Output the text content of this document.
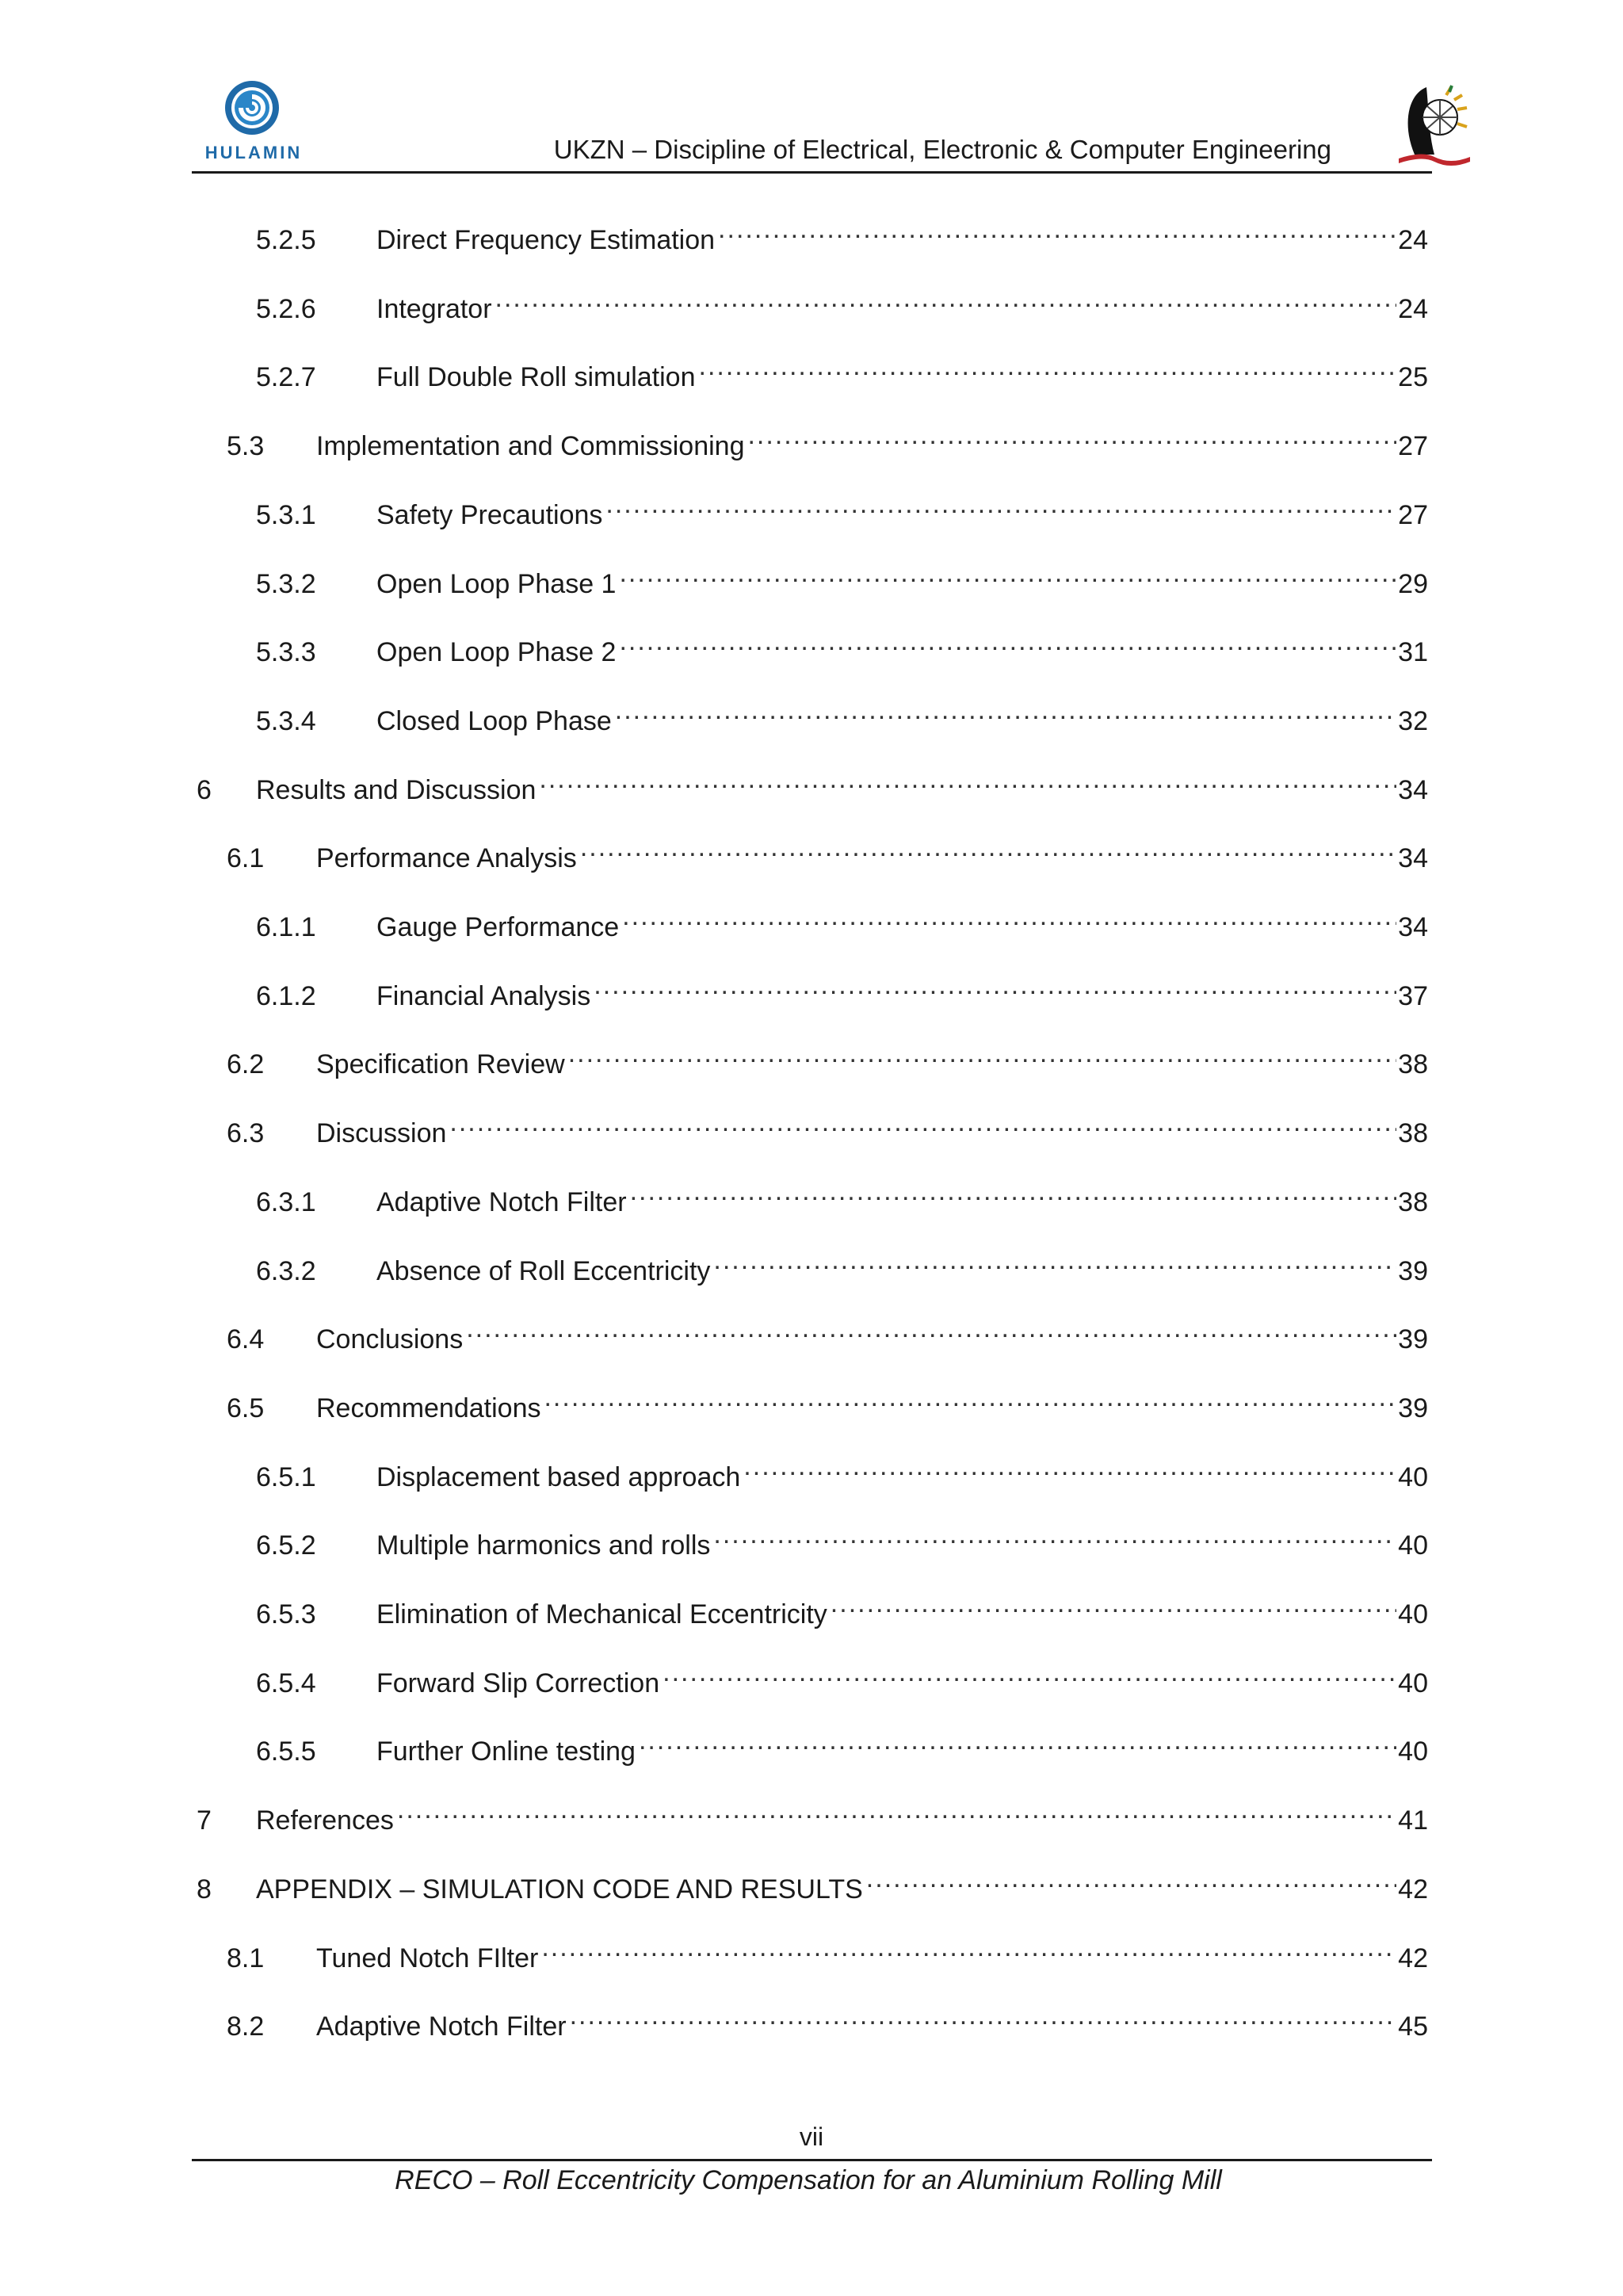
HULAMIN	UKZN – Discipline of Electrical, Electronic & Computer Engineering
5.2.5	Direct Frequency Estimation .....	24
5.2.6	Integrator .....	24
5.2.7	Full Double Roll simulation .....	25
5.3	Implementation and Commissioning .....	27
5.3.1	Safety Precautions .....	27
5.3.2	Open Loop Phase 1 .....	29
5.3.3	Open Loop Phase 2 .....	31
5.3.4	Closed Loop Phase .....	32
6	Results and Discussion .....	34
6.1	Performance Analysis .....	34
6.1.1	Gauge Performance .....	34
6.1.2	Financial Analysis .....	37
6.2	Specification Review .....	38
6.3	Discussion .....	38
6.3.1	Adaptive Notch Filter .....	38
6.3.2	Absence of Roll Eccentricity .....	39
6.4	Conclusions .....	39
6.5	Recommendations .....	39
6.5.1	Displacement based approach .....	40
6.5.2	Multiple harmonics and rolls .....	40
6.5.3	Elimination of Mechanical Eccentricity .....	40
6.5.4	Forward Slip Correction .....	40
6.5.5	Further Online testing .....	40
7	References .....	41
8	APPENDIX – SIMULATION CODE AND RESULTS .....	42
8.1	Tuned Notch FIlter .....	42
8.2	Adaptive Notch Filter .....	45
vii
RECO – Roll Eccentricity Compensation for an Aluminium Rolling Mill
